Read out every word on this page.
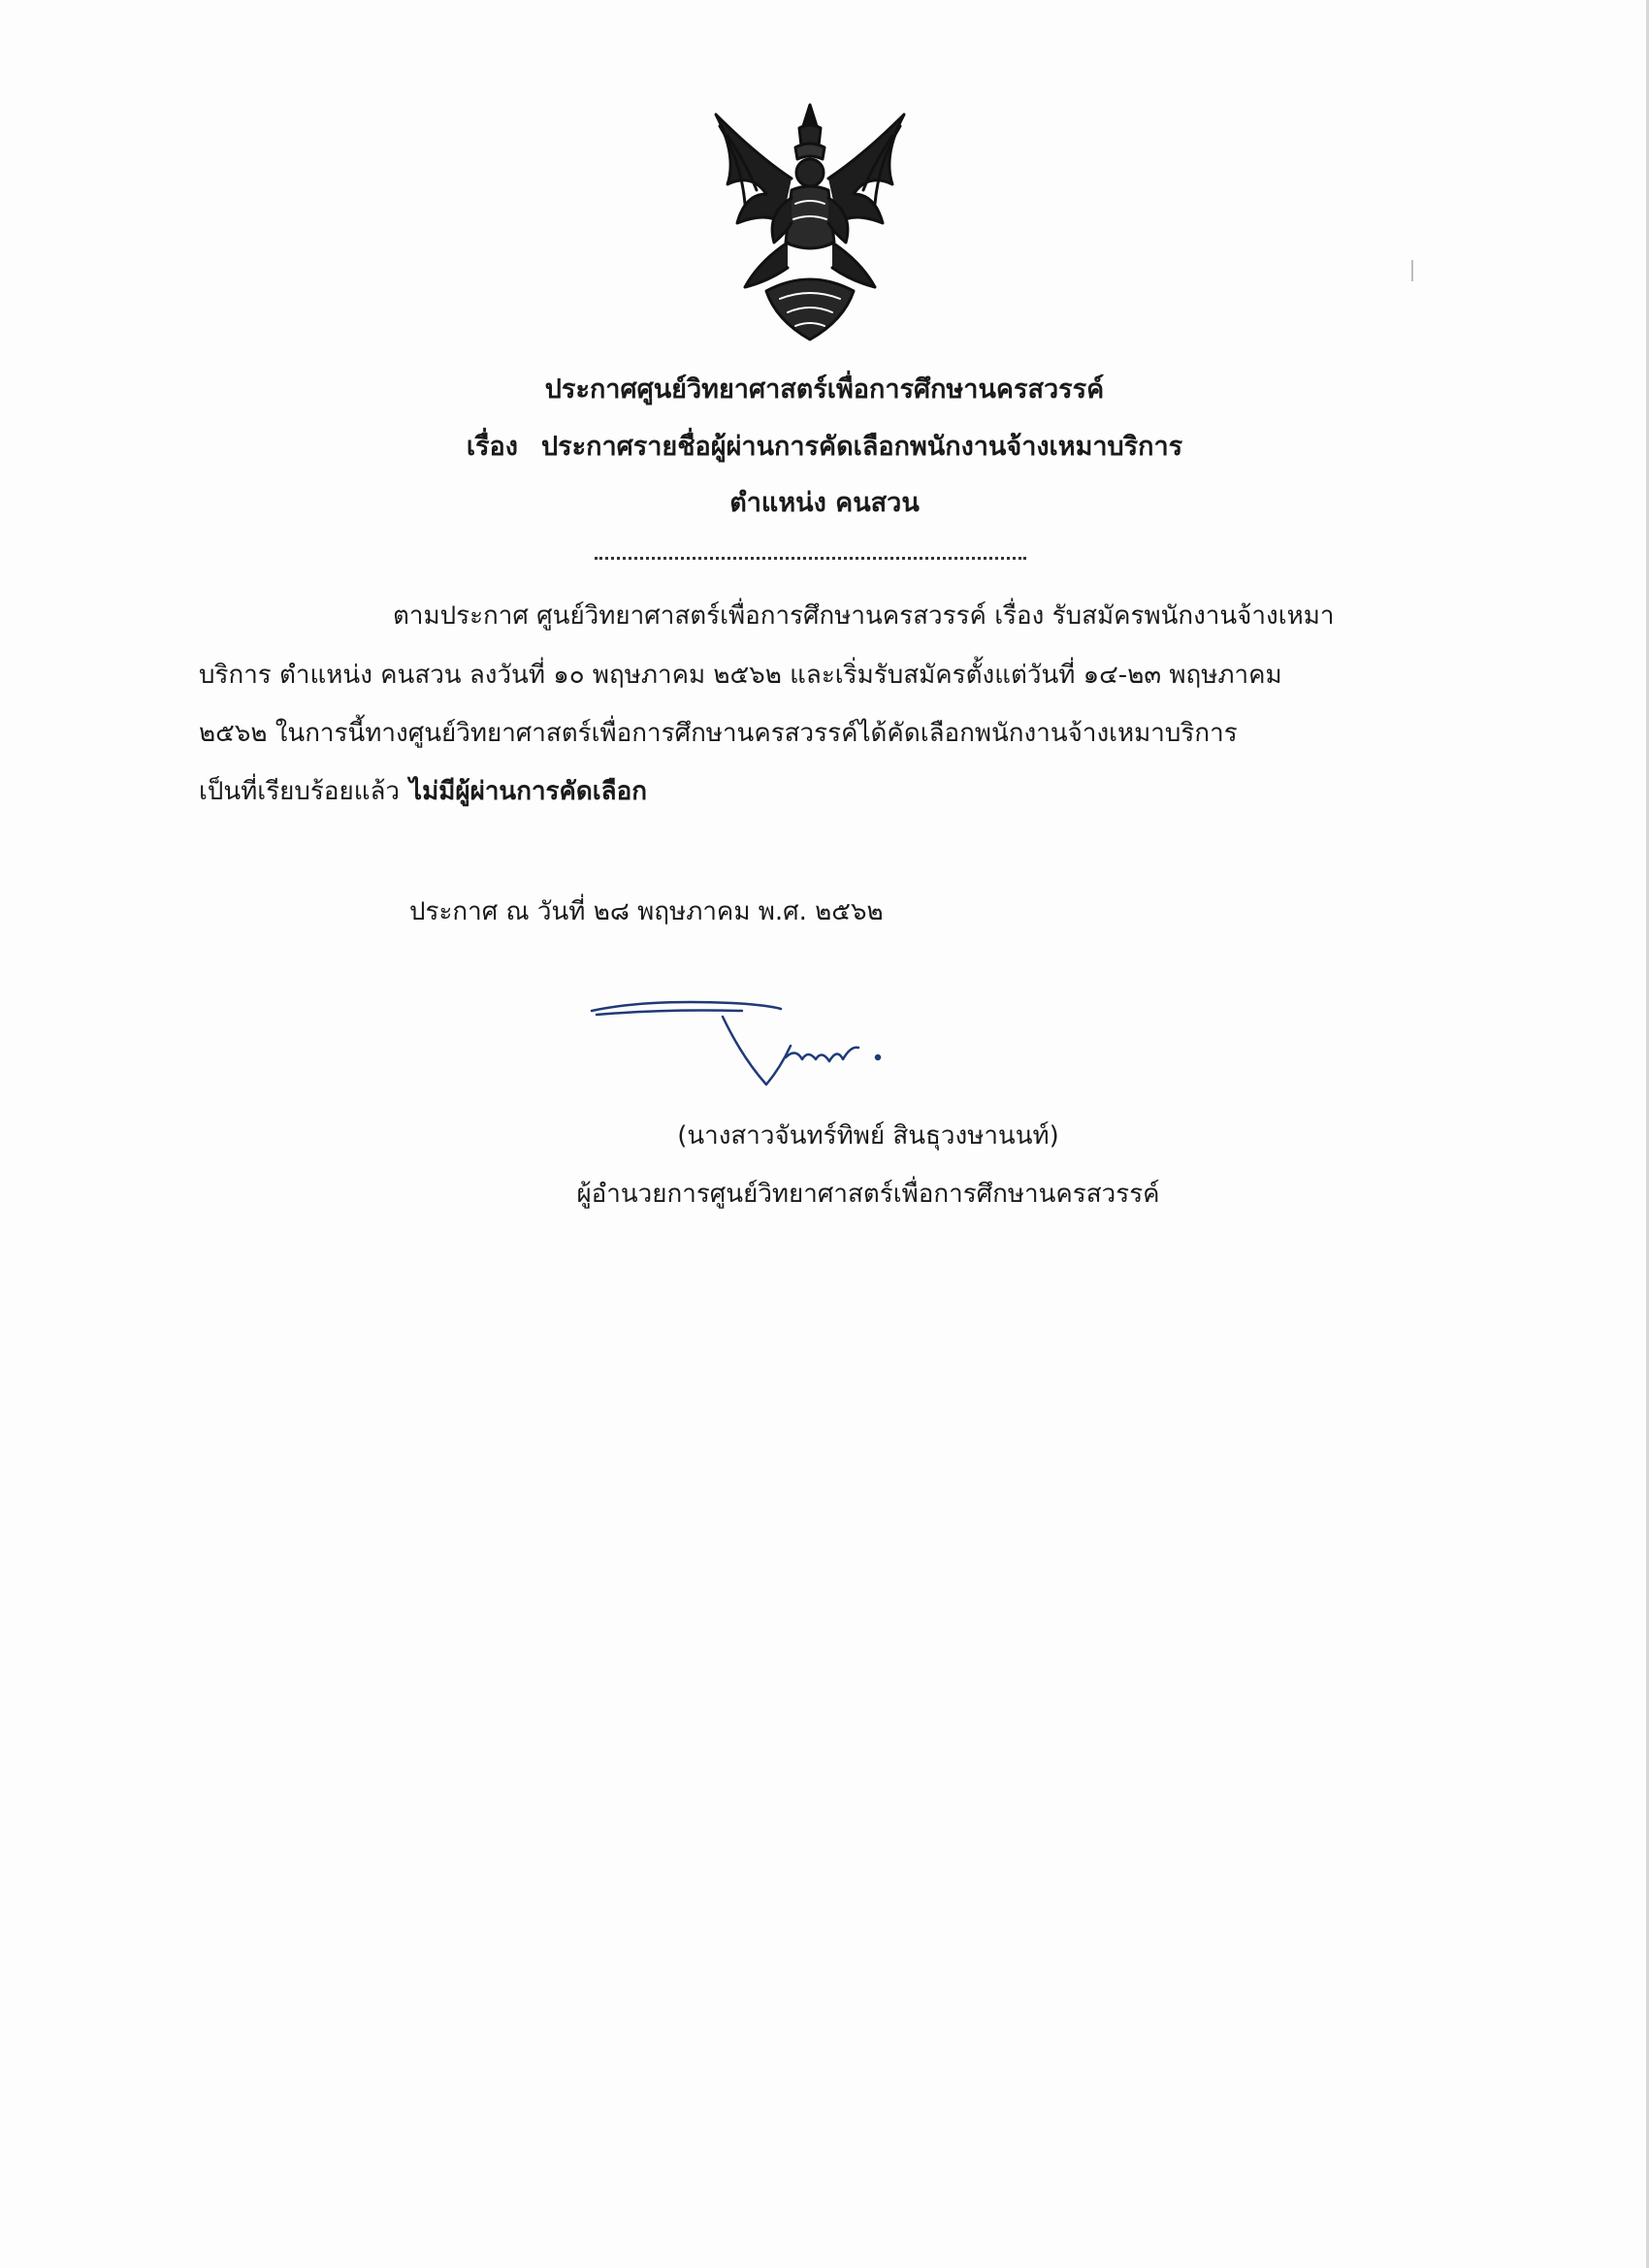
ประกาศศูนย์วิทยาศาสตร์เพื่อการศึกษานครสวรรค์
เรื่อง ประกาศรายชื่อผู้ผ่านการคัดเลือกพนักงานจ้างเหมาบริการ
ตำแหน่ง คนสวน
ตามประกาศ ศูนย์วิทยาศาสตร์เพื่อการศึกษานครสวรรค์ เรื่อง รับสมัครพนักงานจ้างเหมา
บริการ ตำแหน่ง คนสวน ลงวันที่ ๑๐ พฤษภาคม ๒๕๖๒ และเริ่มรับสมัครตั้งแต่วันที่ ๑๔-๒๓ พฤษภาคม
๒๕๖๒ ในการนี้ทางศูนย์วิทยาศาสตร์เพื่อการศึกษานครสวรรค์ได้คัดเลือกพนักงานจ้างเหมาบริการ
เป็นที่เรียบร้อยแล้ว ไม่มีผู้ผ่านการคัดเลือก
ประกาศ ณ วันที่ ๒๘ พฤษภาคม พ.ศ. ๒๕๖๒
(นางสาวจันทร์ทิพย์ สินธุวงษานนท์)
ผู้อำนวยการศูนย์วิทยาศาสตร์เพื่อการศึกษานครสวรรค์
